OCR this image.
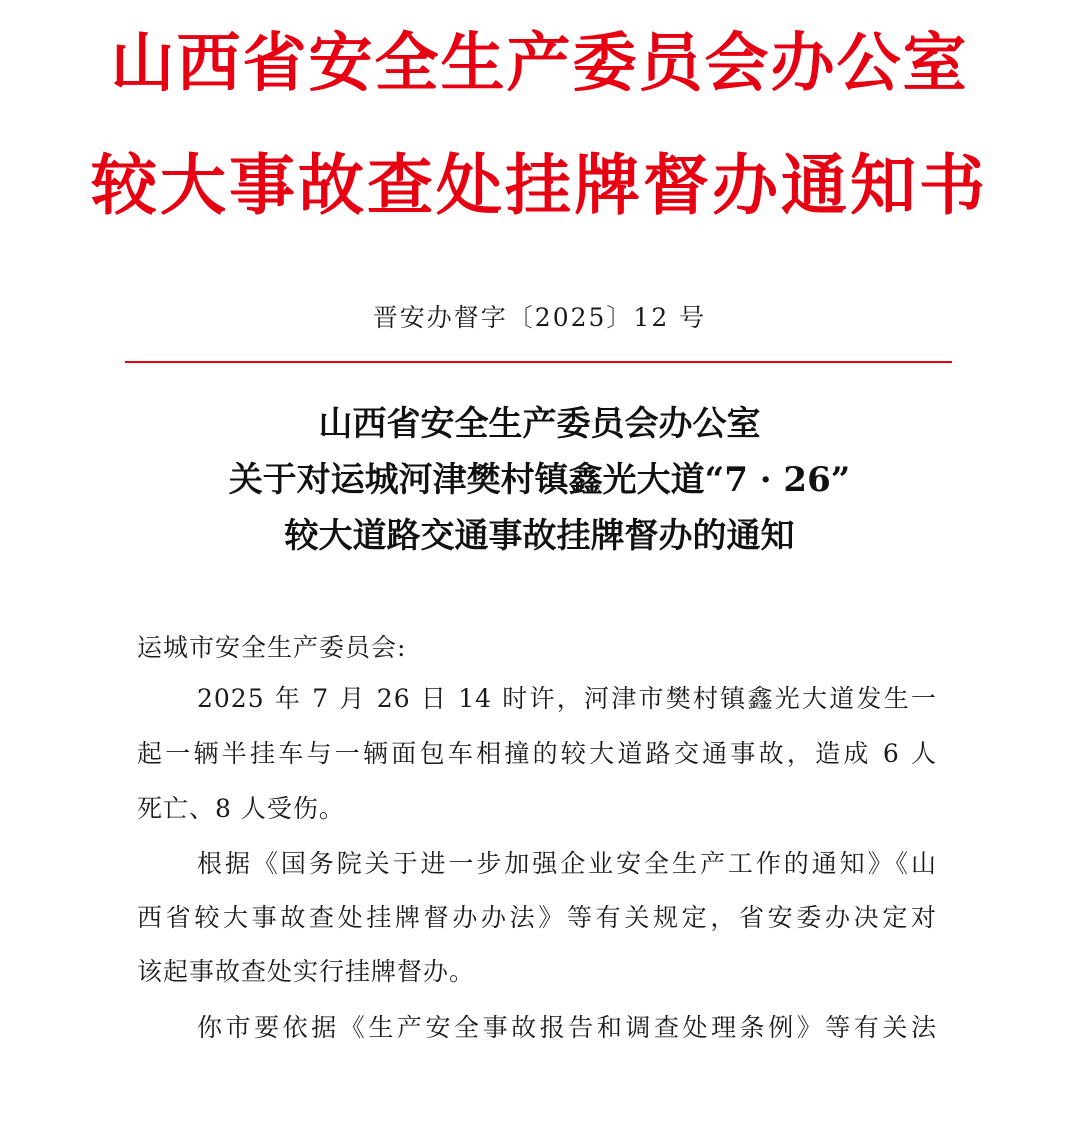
山西省安全生产委员会办公室
较大事故查处挂牌督办通知书
晋安办督字〔2025〕12 号
山西省安全生产委员会办公室
关于对运城河津樊村镇鑫光大道“7 · 26”
较大道路交通事故挂牌督办的通知
运城市安全生产委员会:
2025 年 7 月 26 日 14 时许，河津市樊村镇鑫光大道发生一
起一辆半挂车与一辆面包车相撞的较大道路交通事故，造成 6 人
死亡、8 人受伤。
根据《国务院关于进一步加强企业安全生产工作的通知》《山
西省较大事故查处挂牌督办办法》等有关规定，省安委办决定对
该起事故查处实行挂牌督办。
你市要依据《生产安全事故报告和调查处理条例》等有关法
